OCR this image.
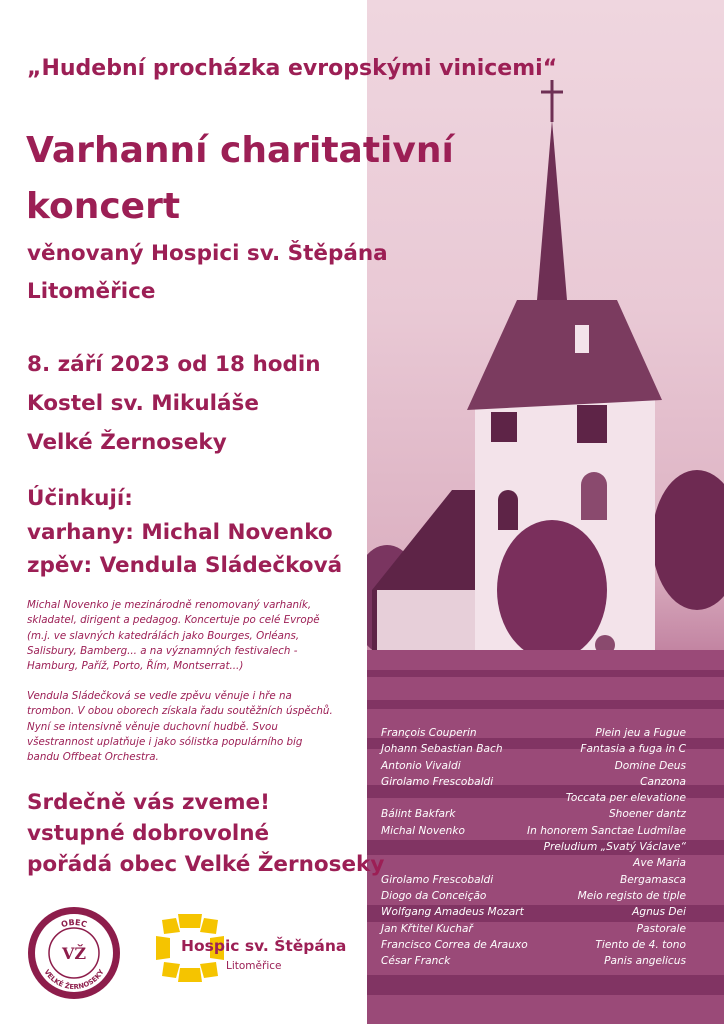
„Hudební procházka evropskými vinicemi“
Varhanní charitativní
koncert
věnovaný Hospici sv. Štěpána
Litoměřice
8. září 2023 od 18 hodin
Kostel sv. Mikuláše
Velké Žernoseky
Účinkují:
varhany: Michal Novenko
zpěv: Vendula Sládečková
Michal Novenko je mezinárodně renomovaný varhaník,
skladatel, dirigent a pedagog. Koncertuje po celé Evropě
(m.j. ve slavných katedrálách jako Bourges, Orléans,
Salisbury, Bamberg... a na významných festivalech -
Hamburg, Paříž, Porto, Řím, Montserrat...)
Vendula Sládečková se vedle zpěvu věnuje i hře na
trombon. V obou oborech získala řadu soutěžních úspěchů.
Nyní se intensivně věnuje duchovní hudbě. Svou
všestrannost uplatňuje i jako sólistka populárního big
bandu Offbeat Orchestra.
Srdečně vás zveme!
vstupné dobrovolné
pořádá obec Velké Žernoseky
OBEC
VELKÉ ŽERNOSEKY
VŽ	Hospic sv. Štěpána
Litoměřice
François Couperin
Johann Sebastian Bach
Antonio Vivaldi
Girolamo Frescobaldi
Bálint Bakfark
Michal Novenko
Girolamo Frescobaldi
Diogo da Conceição
Wolfgang Amadeus Mozart
Jan Křtitel Kuchař
Francisco Correa de Arauxo
César Franck
Plein jeu a Fugue
Fantasia a fuga in C
Domine Deus
Canzona
Toccata per elevatione
Shoener dantz
In honorem Sanctae Ludmilae
Preludium „Svatý Václave“
Ave Maria
Bergamasca
Meio registo de tiple
Agnus Dei
Pastorale
Tiento de 4. tono
Panis angelicus
